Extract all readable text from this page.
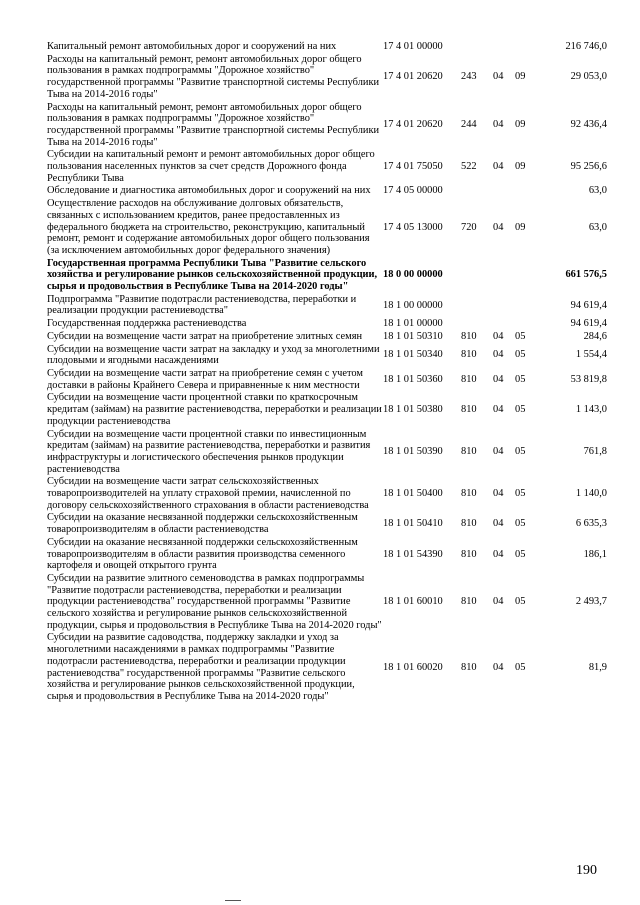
Капитальный ремонт автомобильных дорог и сооружений на них	17 4 01 00000				216 746,0
Расходы на капитальный ремонт, ремонт автомобильных дорог общего пользования в рамках подпрограммы "Дорожное хозяйство" государственной программы "Развитие транспортной системы Республики Тыва на 2014-2016 годы"	17 4 01 20620	243	04	09	29 053,0
Расходы на капитальный ремонт, ремонт автомобильных дорог общего пользования в рамках подпрограммы "Дорожное хозяйство" государственной программы "Развитие транспортной системы Республики Тыва на 2014-2016 годы"	17 4 01 20620	244	04	09	92 436,4
Субсидии на капитальный ремонт и ремонт автомобильных дорог общего пользования населенных пунктов за счет средств Дорожного фонда Республики Тыва	17 4 01 75050	522	04	09	95 256,6
Обследование и диагностика автомобильных дорог и сооружений на них	17 4 05 00000				63,0
Осуществление расходов на обслуживание долговых обязательств, связанных с использованием кредитов, ранее предоставленных из федерального бюджета на строительство, реконструкцию, капитальный ремонт, ремонт и содержание автомобильных дорог общего пользования (за исключением автомобильных дорог федерального значения)	17 4 05 13000	720	04	09	63,0
Государственная программа Республики Тыва "Развитие сельского хозяйства и регулирование рынков сельскохозяйственной продукции, сырья и продовольствия в Республике Тыва на 2014-2020 годы"	18 0 00 00000				661 576,5
Подпрограмма "Развитие подотрасли растениеводства, переработки и реализации продукции растениеводства"	18 1 00 00000				94 619,4
Государственная поддержка растениеводства	18 1 01 00000				94 619,4
Субсидии на возмещение части затрат на приобретение элитных семян	18 1 01 50310	810	04	05	284,6
Субсидии на возмещение части затрат на закладку и уход за многолетними плодовыми и ягодными насаждениями	18 1 01 50340	810	04	05	1 554,4
Субсидии на возмещение части затрат на приобретение семян с учетом доставки в районы Крайнего Севера и приравненные к ним местности	18 1 01 50360	810	04	05	53 819,8
Субсидии на возмещение части процентной ставки по краткосрочным кредитам (займам) на развитие растениеводства, переработки и реализации продукции растениеводства	18 1 01 50380	810	04	05	1 143,0
Субсидии на возмещение части процентной ставки по инвестиционным кредитам (займам) на развитие растениеводства, переработки и развития инфраструктуры и логистического обеспечения рынков продукции растениеводства	18 1 01 50390	810	04	05	761,8
Субсидии на возмещение части затрат сельскохозяйственных товаропроизводителей на уплату страховой премии, начисленной по договору сельскохозяйственного страхования в области растениеводства	18 1 01 50400	810	04	05	1 140,0
Субсидии на оказание несвязанной поддержки сельскохозяйственным товаропроизводителям в области растениеводства	18 1 01 50410	810	04	05	6 635,3
Субсидии на оказание несвязанной поддержки сельскохозяйственным товаропроизводителям в области развития производства семенного картофеля и овощей открытого грунта	18 1 01 54390	810	04	05	186,1
Субсидии на развитие элитного семеноводства в рамках подпрограммы "Развитие подотрасли растениеводства, переработки и реализации продукции растениеводства" государственной программы "Развитие сельского хозяйства и регулирование рынков сельскохозяйственной продукции, сырья и продовольствия в Республике Тыва на 2014-2020 годы"	18 1 01 60010	810	04	05	2 493,7
Субсидии на развитие садоводства, поддержку закладки и уход за многолетними насаждениями в рамках подпрограммы "Развитие подотрасли растениеводства, переработки и реализации продукции растениеводства" государственной программы "Развитие сельского хозяйства и регулирование рынков сельскохозяйственной продукции, сырья и продовольствия в Республике Тыва на 2014-2020 годы"	18 1 01 60020	810	04	05	81,9
190
